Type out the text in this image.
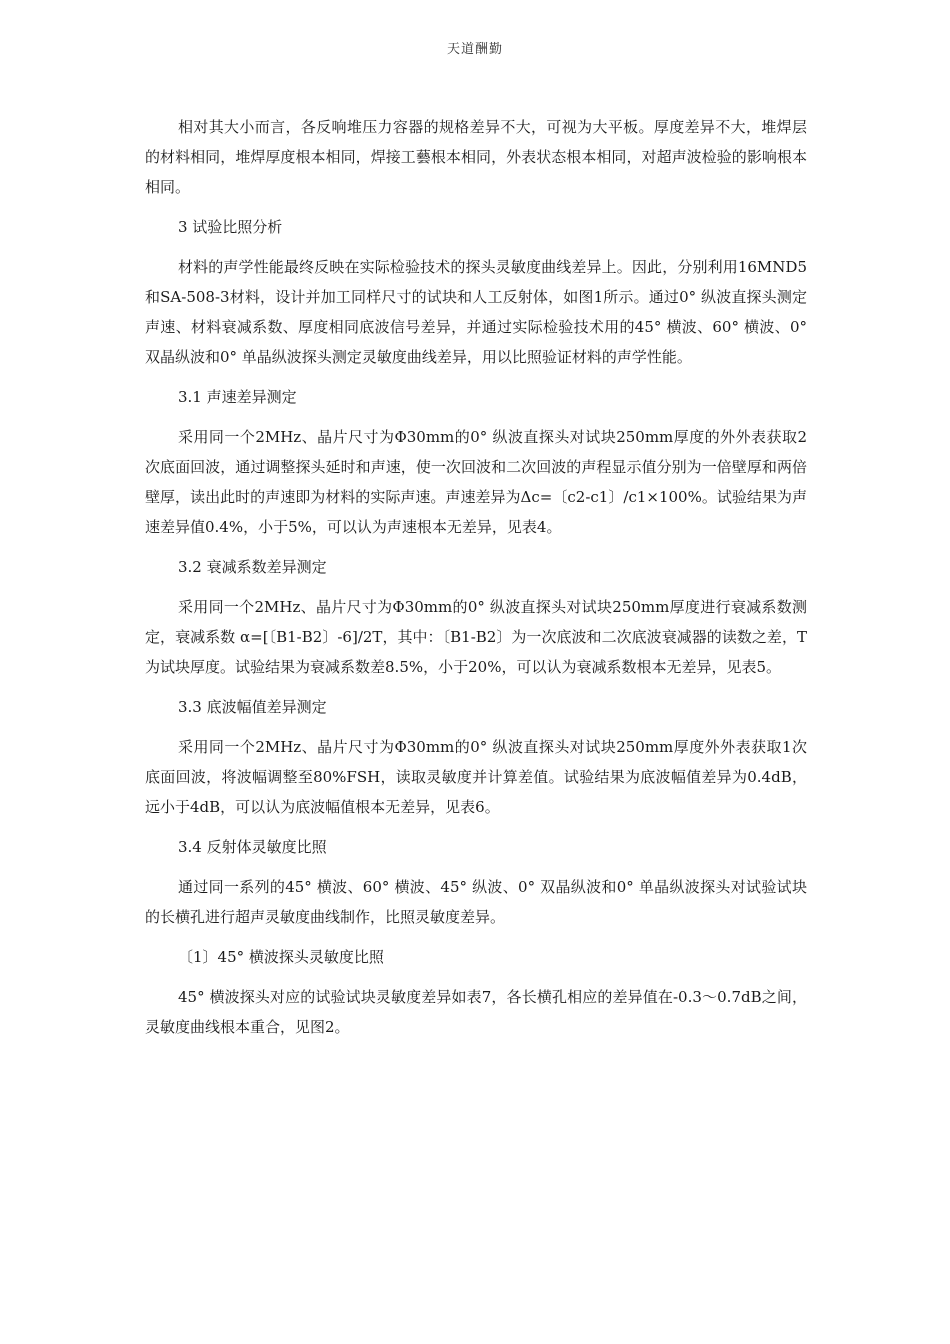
天道酬勤

相对其大小而言，各反响堆压力容器的规格差异不大，可视为大平板。厚度差异不大，堆焊层的材料相同，堆焊厚度根本相同，焊接工藝根本相同，外表状态根本相同，对超声波检验的影响根本相同。

3 试验比照分析

材料的声学性能最终反映在实际检验技术的探头灵敏度曲线差异上。因此，分别利用16MND5和SA-508-3材料，设计并加工同样尺寸的试块和人工反射体，如图1所示。通过0° 纵波直探头测定声速、材料衰减系数、厚度相同底波信号差异，并通过实际检验技术用的45° 横波、60° 横波、0° 双晶纵波和0° 单晶纵波探头测定灵敏度曲线差异，用以比照验证材料的声学性能。

3.1 声速差异测定

采用同一个2MHz、晶片尺寸为Φ30mm的0° 纵波直探头对试块250mm厚度的外外表获取2次底面回波，通过调整探头延时和声速，使一次回波和二次回波的声程显示值分别为一倍壁厚和两倍壁厚，读出此时的声速即为材料的实际声速。声速差异为Δc=〔c2-c1〕/c1×100%。试验结果为声速差异值0.4%，小于5%，可以认为声速根本无差异，见表4。

3.2 衰减系数差异测定

采用同一个2MHz、晶片尺寸为Φ30mm的0° 纵波直探头对试块250mm厚度进行衰减系数测定，衰减系数 α=[〔B1-B2〕-6]/2T，其中：〔B1-B2〕为一次底波和二次底波衰减器的读数之差，T为试块厚度。试验结果为衰减系数差8.5%，小于20%，可以认为衰减系数根本无差异，见表5。

3.3 底波幅值差异测定

采用同一个2MHz、晶片尺寸为Φ30mm的0° 纵波直探头对试块250mm厚度外外表获取1次底面回波，将波幅调整至80%FSH，读取灵敏度并计算差值。试验结果为底波幅值差异为0.4dB，远小于4dB，可以认为底波幅值根本无差异，见表6。

3.4 反射体灵敏度比照

通过同一系列的45° 横波、60° 横波、45° 纵波、0° 双晶纵波和0° 单晶纵波探头对试验试块的长横孔进行超声灵敏度曲线制作，比照灵敏度差异。

〔1〕45° 横波探头灵敏度比照

45° 横波探头对应的试验试块灵敏度差异如表7，各长横孔相应的差异值在-0.3～0.7dB之间，灵敏度曲线根本重合，见图2。
